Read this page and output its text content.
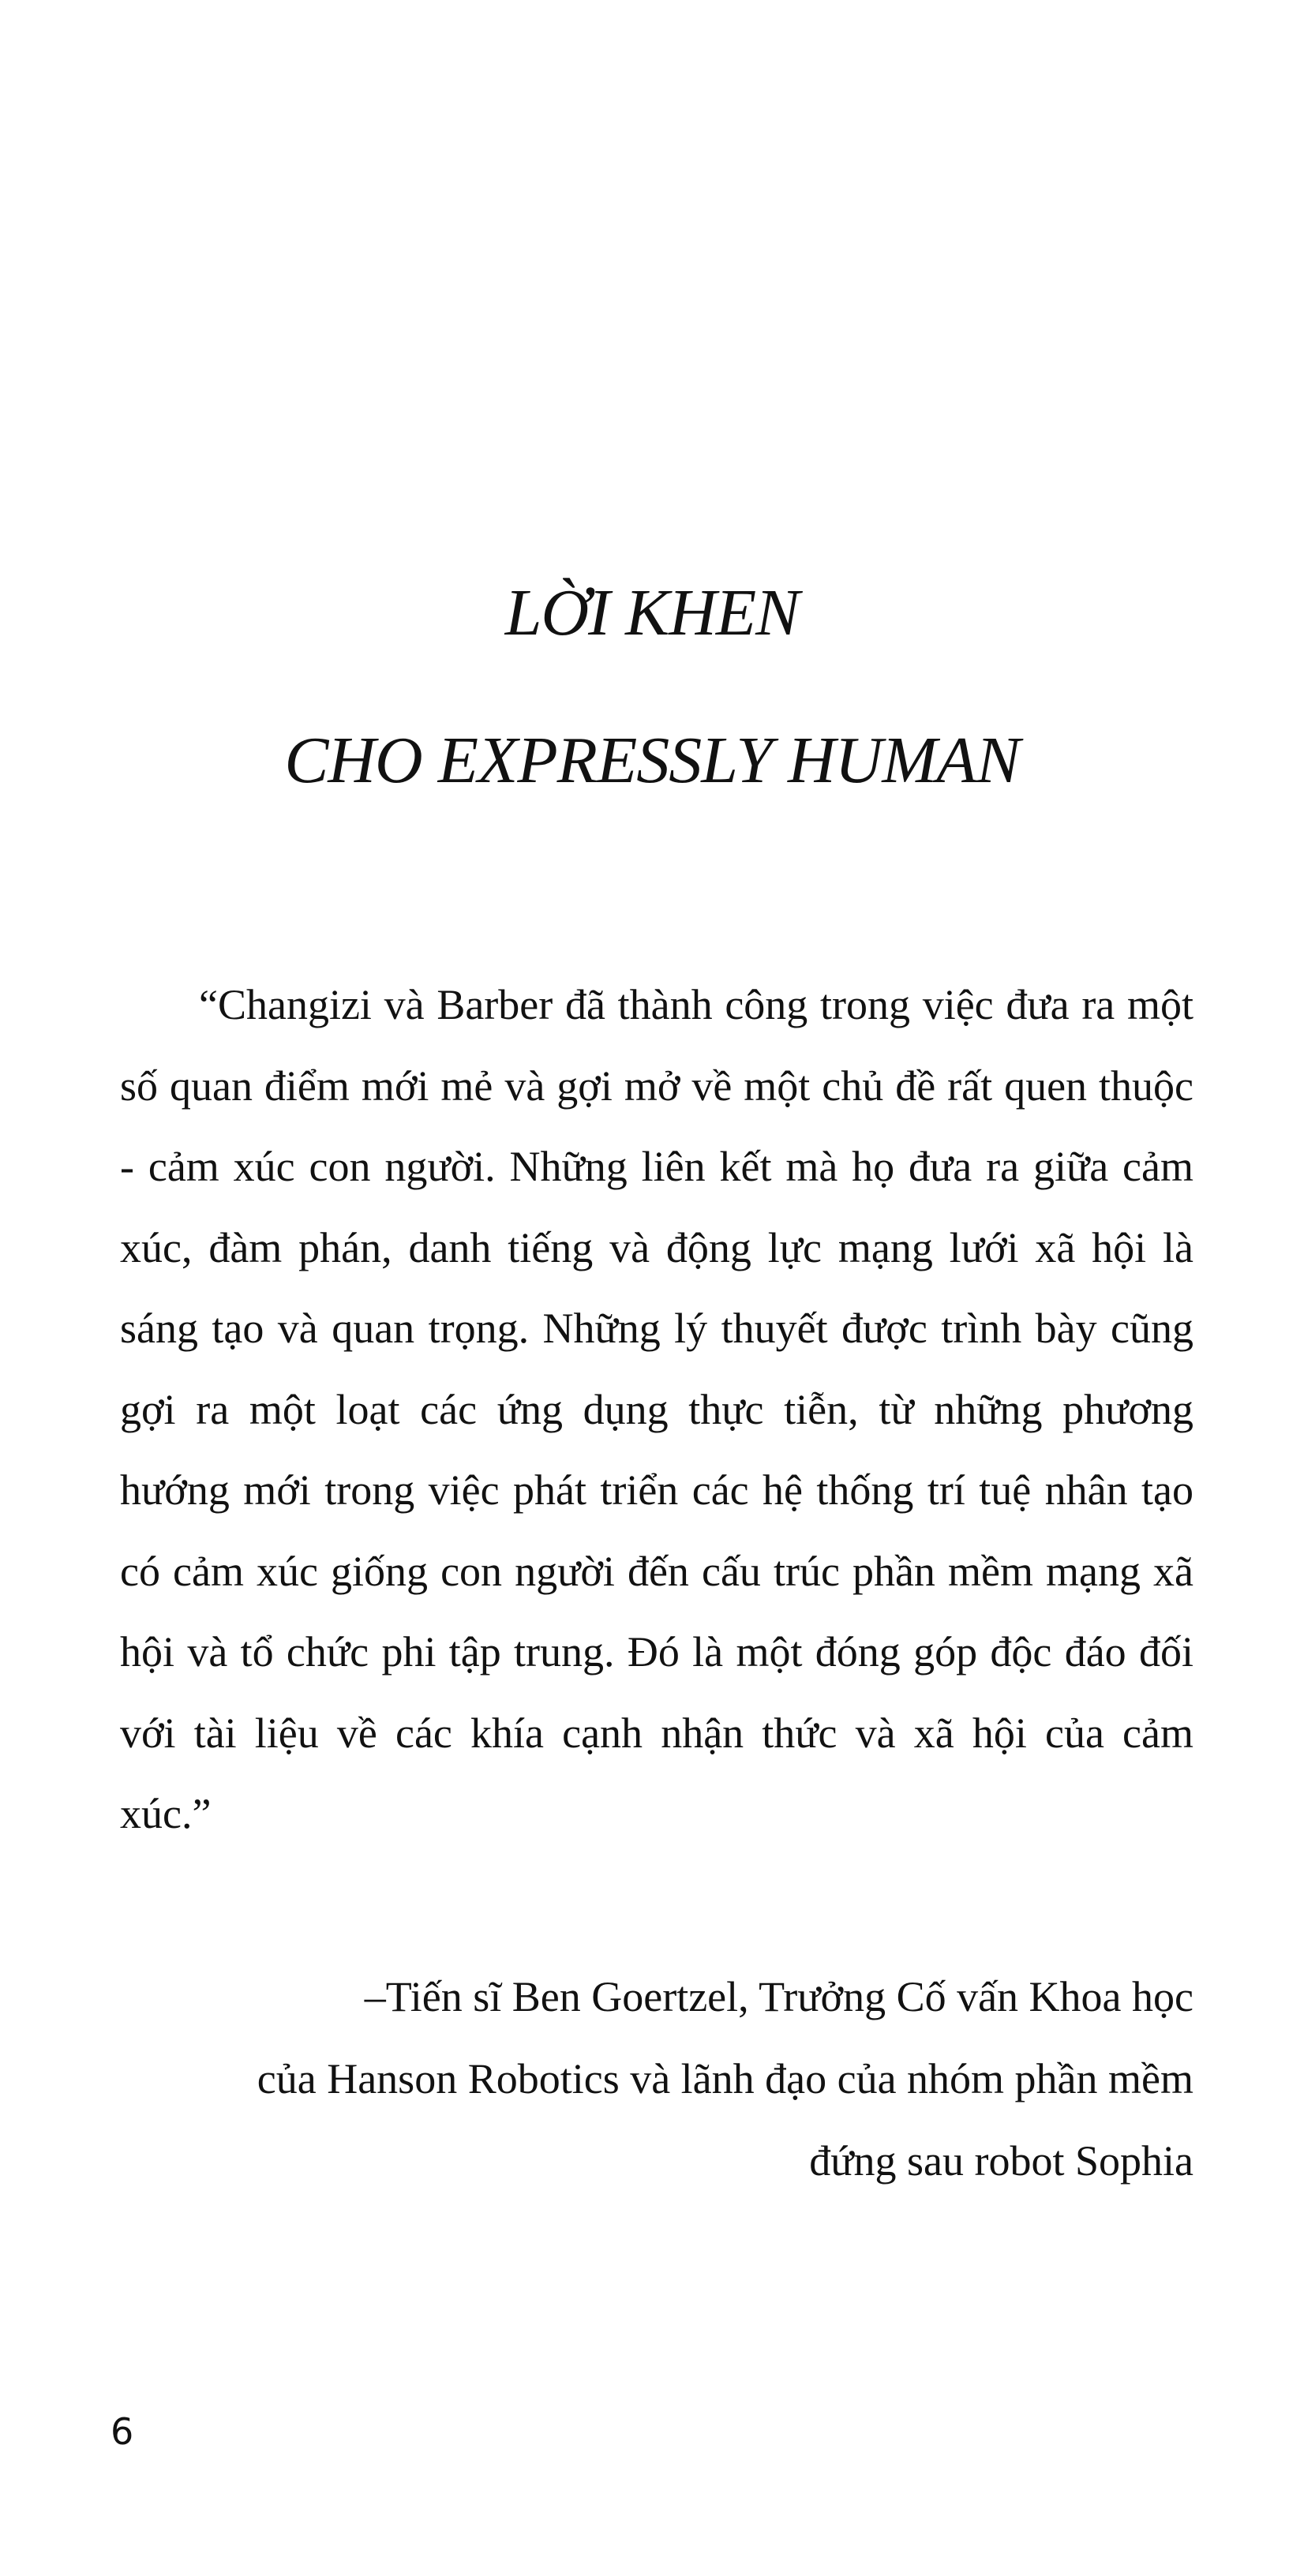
LỜI KHEN
CHO EXPRESSLY HUMAN

“Changizi và Barber đã thành công trong việc đưa ra một số quan điểm mới mẻ và gợi mở về một chủ đề rất quen thuộc - cảm xúc con người. Những liên kết mà họ đưa ra giữa cảm xúc, đàm phán, danh tiếng và động lực mạng lưới xã hội là sáng tạo và quan trọng. Những lý thuyết được trình bày cũng gợi ra một loạt các ứng dụng thực tiễn, từ những phương hướng mới trong việc phát triển các hệ thống trí tuệ nhân tạo có cảm xúc giống con người đến cấu trúc phần mềm mạng xã hội và tổ chức phi tập trung. Đó là một đóng góp độc đáo đối với tài liệu về các khía cạnh nhận thức và xã hội của cảm xúc.”

–Tiến sĩ Ben Goertzel, Trưởng Cố vấn Khoa học
của Hanson Robotics và lãnh đạo của nhóm phần mềm
đứng sau robot Sophia
6
